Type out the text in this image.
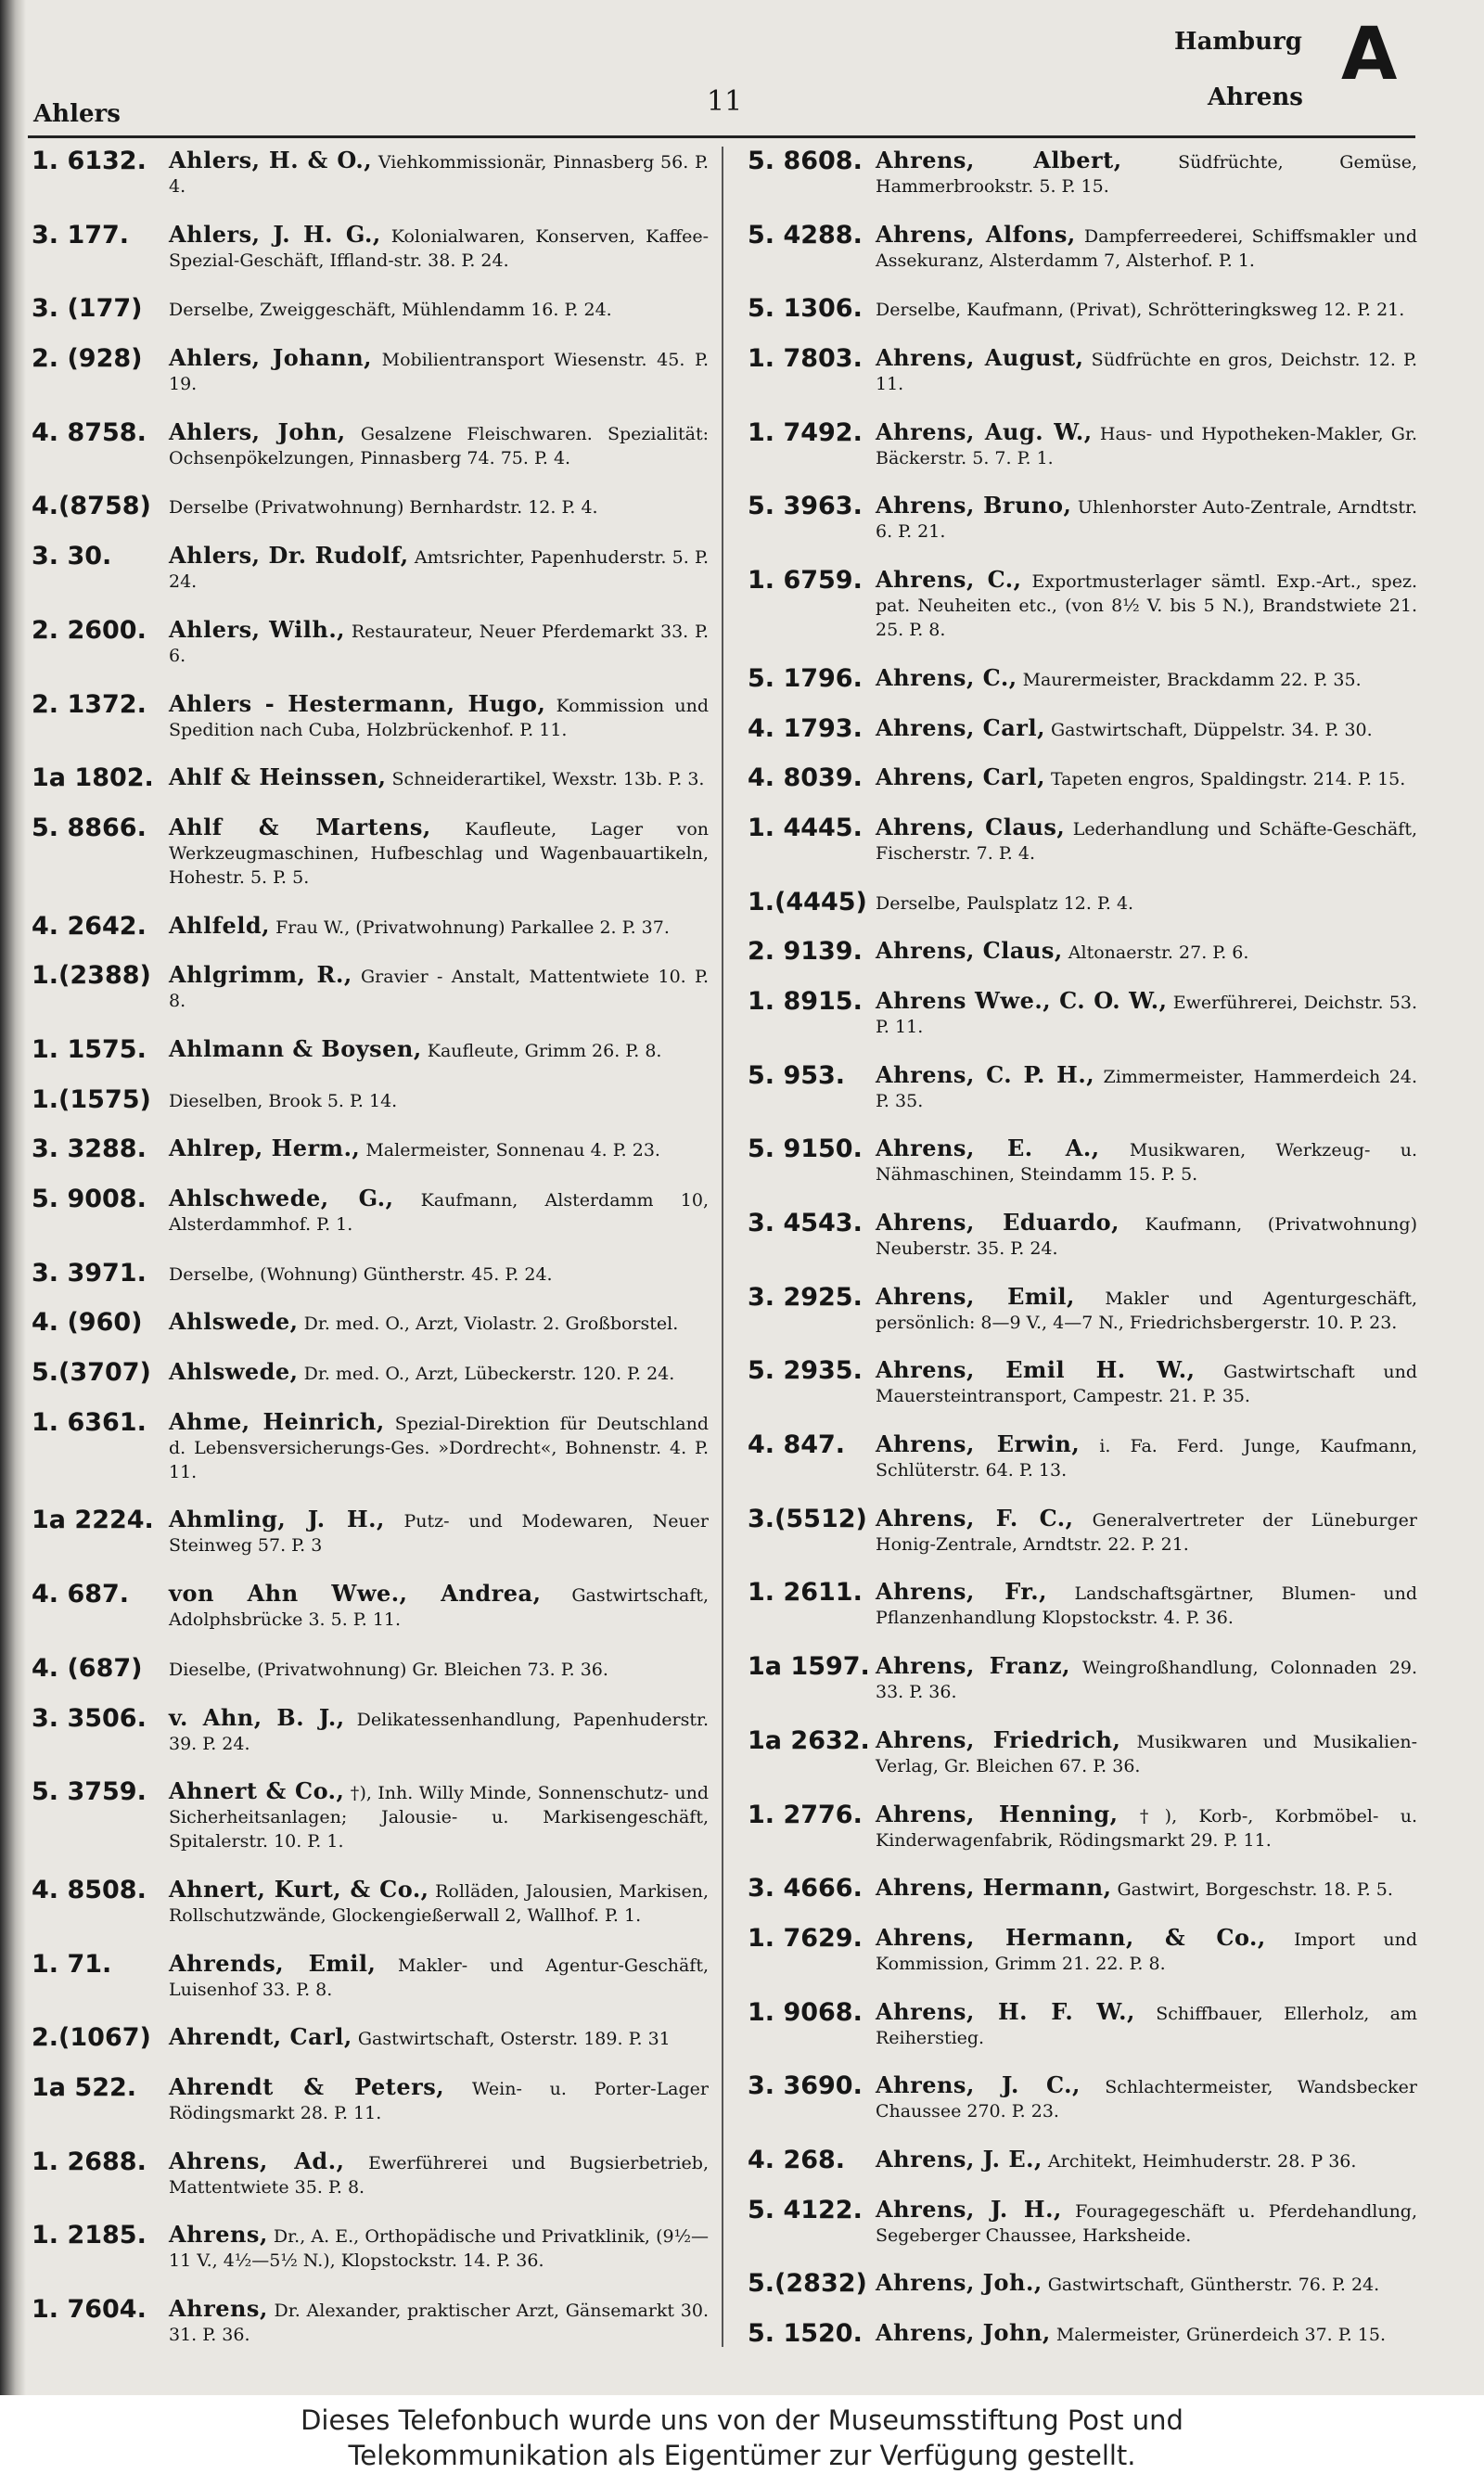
Ahlers	11
Hamburg
Ahrens
A
1. 6132.	Ahlers, H. & O., Viehkommissionär, Pinnasberg 56. P. 4.
3. 177.	Ahlers, J. H. G., Kolonialwaren, Konserven, Kaffee-Spezial-Geschäft, Iffland-str. 38. P. 24.
3. (177)	Derselbe, Zweiggeschäft, Mühlendamm 16. P. 24.
2. (928)	Ahlers, Johann, Mobilientransport Wiesenstr. 45. P. 19.
4. 8758.	Ahlers, John, Gesalzene Fleischwaren. Spezialität: Ochsenpökelzungen, Pinnasberg 74. 75. P. 4.
4.(8758)	Derselbe (Privatwohnung) Bernhardstr. 12. P. 4.
3. 30.	Ahlers, Dr. Rudolf, Amtsrichter, Papenhuderstr. 5. P. 24.
2. 2600.	Ahlers, Wilh., Restaurateur, Neuer Pferdemarkt 33. P. 6.
2. 1372.	Ahlers - Hestermann, Hugo, Kommission und Spedition nach Cuba, Holzbrückenhof. P. 11.
1a 1802. Ahlf & Heinssen, Schneiderartikel, Wexstr. 13b. P. 3.
5. 8866.	Ahlf & Martens, Kaufleute, Lager von Werkzeugmaschinen, Hufbeschlag und Wagenbauartikeln, Hohestr. 5. P. 5.
4. 2642.	Ahlfeld, Frau W., (Privatwohnung) Parkallee 2. P. 37.
1.(2388) Ahlgrimm, R., Gravier - Anstalt, Mattentwiete 10. P. 8.
1. 1575.	Ahlmann & Boysen, Kaufleute, Grimm 26. P. 8.
1.(1575)	Dieselben, Brook 5. P. 14.
3. 3288.	Ahlrep, Herm., Malermeister, Sonnenau 4. P. 23.
5. 9008.	Ahlschwede, G., Kaufmann, Alsterdamm 10, Alsterdammhof. P. 1.
3. 3971.	Derselbe, (Wohnung) Güntherstr. 45. P. 24.
4. (960)	Ahlswede, Dr. med. O., Arzt, Violastr. 2. Großborstel.
5.(3707) Ahlswede, Dr. med. O., Arzt, Lübeckerstr. 120. P. 24.
1. 6361.	Ahme, Heinrich, Spezial-Direktion für Deutschland d. Lebensversicherungs-Ges. »Dordrecht«, Bohnenstr. 4. P. 11.
1a 2224. Ahmling, J. H., Putz- und Modewaren, Neuer Steinweg 57. P. 3
4. 687.	von Ahn Wwe., Andrea, Gastwirtschaft, Adolphsbrücke 3. 5. P. 11.
4. (687)	Dieselbe, (Privatwohnung) Gr. Bleichen 73. P. 36.
3. 3506.	v. Ahn, B. J., Delikatessenhandlung, Papenhuderstr. 39. P. 24.
5. 3759.	Ahnert & Co., †), Inh. Willy Minde, Sonnenschutz- und Sicherheitsanlagen; Jalousie- u. Markisengeschäft, Spitalerstr. 10. P. 1.
4. 8508.	Ahnert, Kurt, & Co., Rolläden, Jalousien, Markisen, Rollschutzwände, Glockengießerwall 2, Wallhof. P. 1.
1. 71.	Ahrends, Emil, Makler- und Agentur-Geschäft, Luisenhof 33. P. 8.
2.(1067) Ahrendt, Carl, Gastwirtschaft, Osterstr. 189. P. 31
1a 522.	Ahrendt & Peters, Wein- u. Porter-Lager Rödingsmarkt 28. P. 11.
1. 2688.	Ahrens, Ad., Ewerführerei und Bugsierbetrieb, Mattentwiete 35. P. 8.
1. 2185.	Ahrens, Dr., A. E., Orthopädische und Privatklinik, (9½—11 V., 4½—5½ N.), Klopstockstr. 14. P. 36.
1. 7604.	Ahrens, Dr. Alexander, praktischer Arzt, Gänsemarkt 30. 31. P. 36.
5. 8608. Ahrens, Albert, Südfrüchte, Gemüse, Hammerbrookstr. 5. P. 15.
5. 4288. Ahrens, Alfons, Dampferreederei, Schiffsmakler und Assekuranz, Alsterdamm 7, Alsterhof. P. 1.
5. 1306. Derselbe, Kaufmann, (Privat), Schrötteringksweg 12. P. 21.
1. 7803. Ahrens, August, Südfrüchte en gros, Deichstr. 12. P. 11.
1. 7492. Ahrens, Aug. W., Haus- und Hypotheken-Makler, Gr. Bäckerstr. 5. 7. P. 1.
5. 3963. Ahrens, Bruno, Uhlenhorster Auto-Zentrale, Arndtstr. 6. P. 21.
1. 6759. Ahrens, C., Exportmusterlager sämtl. Exp.-Art., spez. pat. Neuheiten etc., (von 8½ V. bis 5 N.), Brandstwiete 21. 25. P. 8.
5. 1796. Ahrens, C., Maurermeister, Brackdamm 22. P. 35.
4. 1793. Ahrens, Carl, Gastwirtschaft, Düppelstr. 34. P. 30.
4. 8039. Ahrens, Carl, Tapeten engros, Spaldingstr. 214. P. 15.
1. 4445. Ahrens, Claus, Lederhandlung und Schäfte-Geschäft, Fischerstr. 7. P. 4.
1.(4445) Derselbe, Paulsplatz 12. P. 4.
2. 9139. Ahrens, Claus, Altonaerstr. 27. P. 6.
1. 8915. Ahrens Wwe., C. O. W., Ewerführerei, Deichstr. 53. P. 11.
5. 953.	Ahrens, C. P. H., Zimmermeister, Hammerdeich 24. P. 35.
5. 9150. Ahrens, E. A., Musikwaren, Werkzeug- u. Nähmaschinen, Steindamm 15. P. 5.
3. 4543. Ahrens, Eduardo, Kaufmann, (Privatwohnung) Neuberstr. 35. P. 24.
3. 2925. Ahrens, Emil, Makler und Agenturgeschäft, persönlich: 8—9 V., 4—7 N., Friedrichsbergerstr. 10. P. 23.
5. 2935. Ahrens, Emil H. W., Gastwirtschaft und Mauersteintransport, Campestr. 21. P. 35.
4. 847.	Ahrens, Erwin, i. Fa. Ferd. Junge, Kaufmann, Schlüterstr. 64. P. 13.
3.(5512) Ahrens, F. C., Generalvertreter der Lüneburger Honig-Zentrale, Arndtstr. 22. P. 21.
1. 2611. Ahrens, Fr., Landschaftsgärtner, Blumen- und Pflanzenhandlung Klopstockstr. 4. P. 36.
1a 1597. Ahrens, Franz, Weingroßhandlung, Colonnaden 29. 33. P. 36.
1a 2632. Ahrens, Friedrich, Musikwaren und Musikalien-Verlag, Gr. Bleichen 67. P. 36.
1. 2776. Ahrens, Henning, †), Korb-, Korbmöbel- u. Kinderwagenfabrik, Rödingsmarkt 29. P. 11.
3. 4666. Ahrens, Hermann, Gastwirt, Borgeschstr. 18. P. 5.
1. 7629. Ahrens, Hermann, & Co., Import und Kommission, Grimm 21. 22. P. 8.
1. 9068. Ahrens, H. F. W., Schiffbauer, Ellerholz, am Reiherstieg.
3. 3690. Ahrens, J. C., Schlachtermeister, Wandsbecker Chaussee 270. P. 23.
4. 268.	Ahrens, J. E., Architekt, Heimhuderstr. 28. P 36.
5. 4122. Ahrens, J. H., Fouragegeschäft u. Pferdehandlung, Segeberger Chaussee, Harksheide.
5.(2832) Ahrens, Joh., Gastwirtschaft, Güntherstr. 76. P. 24.
5. 1520. Ahrens, John, Malermeister, Grünerdeich 37. P. 15.
Dieses Telefonbuch wurde uns von der Museumsstiftung Post und
Telekommunikation als Eigentümer zur Verfügung gestellt.
